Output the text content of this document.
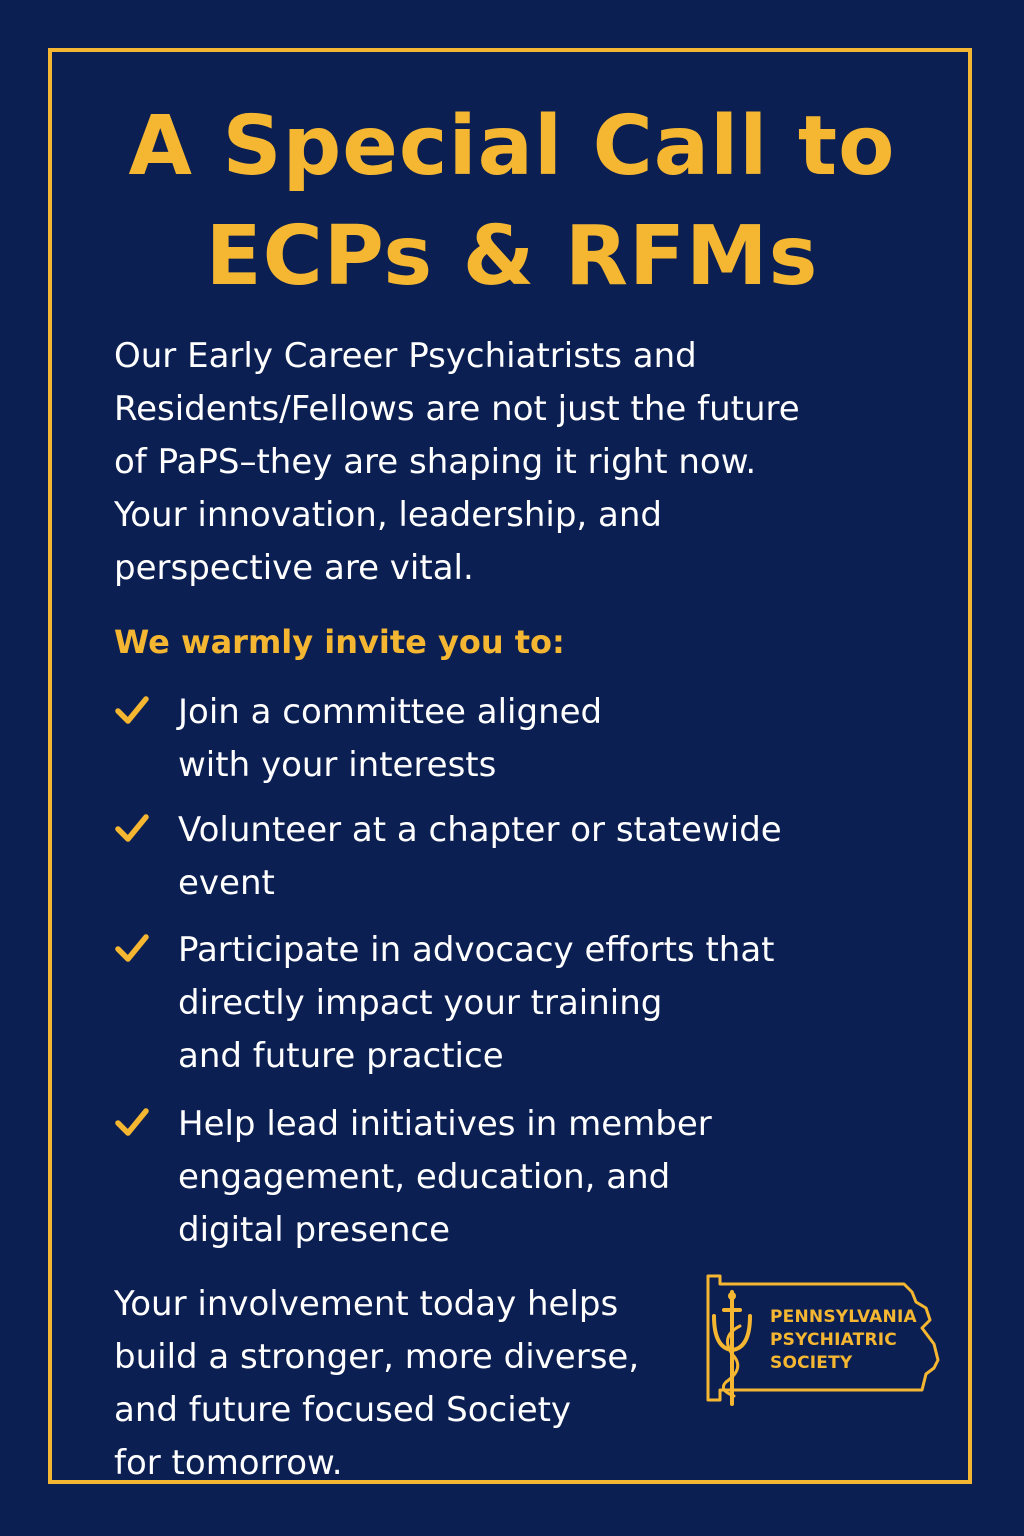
A Special Call to
ECPs & RFMs

Our Early Career Psychiatrists and
Residents/Fellows are not just the future
of PaPS–they are shaping it right now.
Your innovation, leadership, and
perspective are vital.

We warmly invite you to:
Join a committee aligned
with your interests
Volunteer at a chapter or statewide
event
Participate in advocacy efforts that
directly impact your training
and future practice
Help lead initiatives in member
engagement, education, and
digital presence

Your involvement today helps
build a stronger, more diverse,
and future focused Society
for tomorrow.

PENNSYLVANIA
PSYCHIATRIC
SOCIETY
